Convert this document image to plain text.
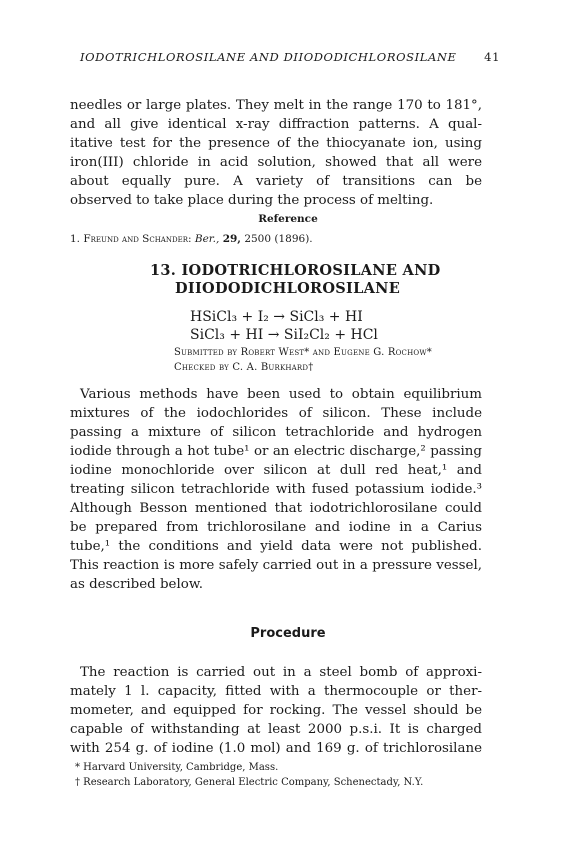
IODOTRICHLOROSILANE AND DIIODODICHLOROSILANE 41
needles or large plates. They melt in the range 170 to 181°,
and all give identical x-ray diffraction patterns. A qual-
itative test for the presence of the thiocyanate ion, using
iron(III) chloride in acid solution, showed that all were
about equally pure. A variety of transitions can be
observed to take place during the process of melting.
Reference
1. Freund and Schander: Ber., 29, 2500 (1896).
13. IODOTRICHLOROSILANE AND
DIIODODICHLOROSILANE
HSiCl₃ + I₂ → SiCl₃ + HI
SiCl₃ + HI → SiI₂Cl₂ + HCl
Submitted by Robert West* and Eugene G. Rochow*
Checked by C. A. Burkhard†
Various methods have been used to obtain equilibrium
mixtures of the iodochlorides of silicon. These include
passing a mixture of silicon tetrachloride and hydrogen
iodide through a hot tube¹ or an electric discharge,² passing
iodine monochloride over silicon at dull red heat,¹ and
treating silicon tetrachloride with fused potassium iodide.³
Although Besson mentioned that iodotrichlorosilane could
be prepared from trichlorosilane and iodine in a Carius
tube,¹ the conditions and yield data were not published.
This reaction is more safely carried out in a pressure vessel,
as described below.
Procedure
The reaction is carried out in a steel bomb of approxi-
mately 1 l. capacity, fitted with a thermocouple or ther-
mometer, and equipped for rocking. The vessel should be
capable of withstanding at least 2000 p.s.i. It is charged
with 254 g. of iodine (1.0 mol) and 169 g. of trichlorosilane
* Harvard University, Cambridge, Mass.
† Research Laboratory, General Electric Company, Schenectady, N.Y.
